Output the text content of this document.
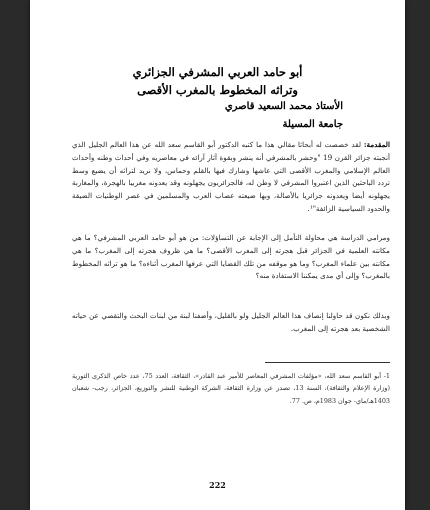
أبو حامد العربي المشرفي الجزائري
وتراثه المخطوط بالمغرب الأقصى
الأستاذ محمد السعيد قاصري
جامعة المسيلة
المقدمة: لقد خصصت له أبحاثا مقالي هذا ما كتبه الدكتور أبو القاسم سعد الله عن هذا العالم الجليل الذي أنجبته جزائر القرن 19 "وحشر بالمشرفي أنه ينشر وبقوة آثار آرائه في معاصريه وفي أحداث وطنه وأحداث العالم الإسلامي والمغرب الأقصى التي عاشها وشارك فيها بالقلم وحماس، ولا نريد لتراثه أن يضيع وسط تردد الباحثين الذين اعتبروا المشرفي لا وطن له، فالجزائريون يجهلونه وقد يعدونه مغربيا بالهجرة، والمغاربة يجهلونه أيضا ويعدونه جزائريا بالأصالة، وبها ضيعته عصاب العرب والمسلمين في عصر الوطنيات الضيقة والحدود السياسية الزائفة"¹.
ومرامي الدراسة هي محاولة التأمل إلى الإجابة عن التساؤلات: من هو أبو حامد العربي المشرفي؟ ما هي مكانته العلمية في الجزائر قبل هجرته إلى المغرب الأقصى؟ ما هي ظروف هجرته إلى المغرب؟ ما هي مكانته بين علماء المغرب؟ وما هو موقفه من تلك القضايا التي عرفها المغرب أثناءه؟ ما هو تراثه المخطوط بالمغرب؟ وإلى أي مدى يمكننا الاستفادة منه؟
وبذلك نكون قد حاولنا إنصاف هذا العالم الجليل ولو بالقليل، وأضفنا لبنة من لبنات البحث والتقصي عن حياته الشخصية بعد هجرته إلى المغرب.
1- أبو القاسم سعد الله، «مؤلفات المشرفي المعاصر للأمير عبد القادر»، الثقافة، العدد 75، عدد خاص الذكرى الثورية (وزارة الإعلام والثقافة)، السنة 13، تصدر عن وزارة الثقافة، الشركة الوطنية للنشر والتوزيع، الجزائر، رجب- شعبان 1403هـ/ماي- جوان 1983م، ص. 77.
222
